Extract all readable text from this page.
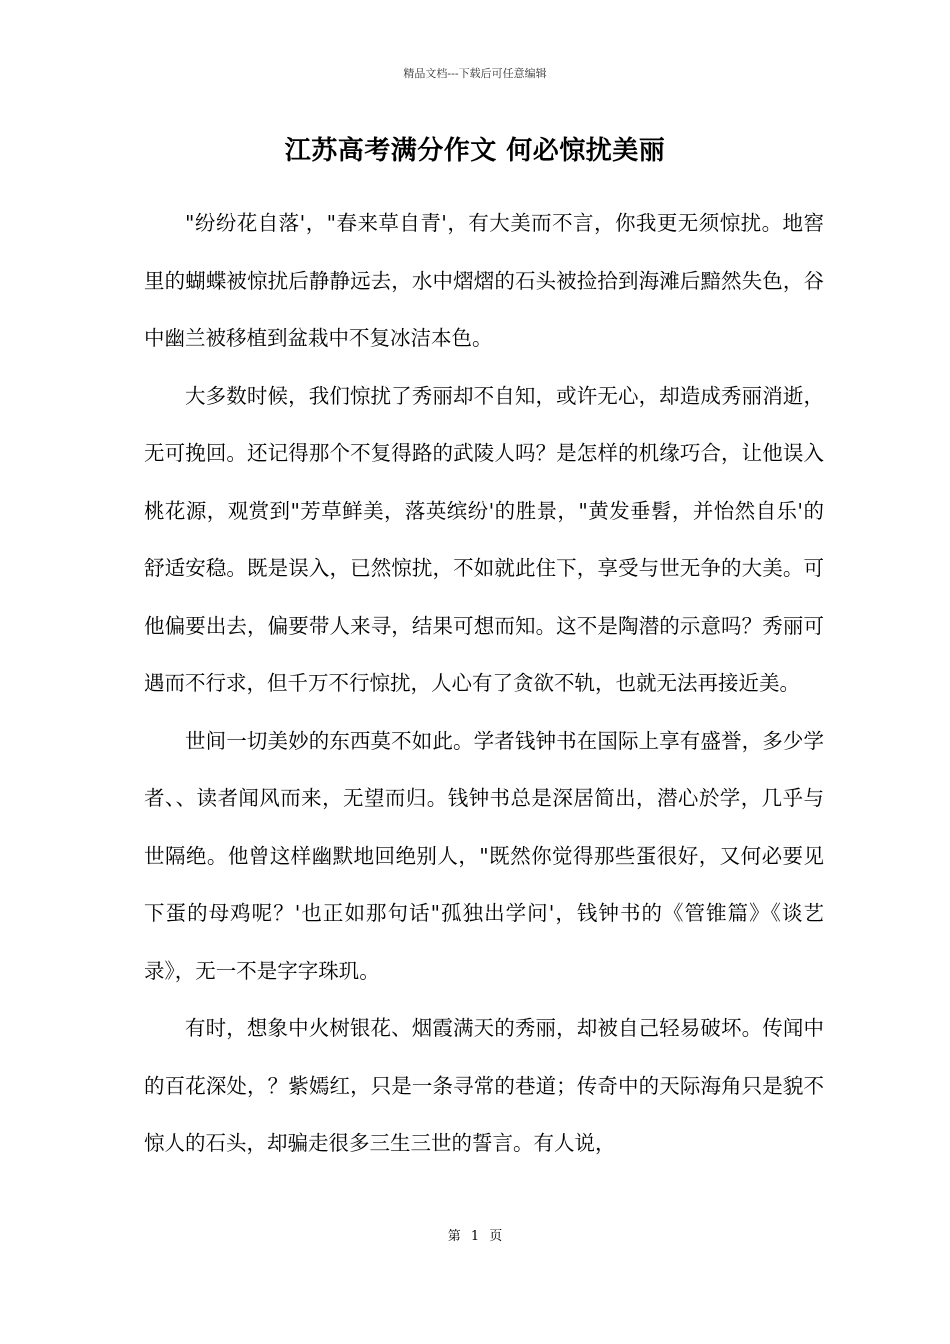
精品文档---下载后可任意编辑
江苏高考满分作文 何必惊扰美丽

"纷纷花自落'，"春来草自青'，有大美而不言，你我更无须惊扰。地窖里的蝴蝶被惊扰后静静远去，水中熠熠的石头被捡拾到海滩后黯然失色，谷中幽兰被移植到盆栽中不复冰洁本色。

大多数时候，我们惊扰了秀丽却不自知，或许无心，却造成秀丽消逝，无可挽回。还记得那个不复得路的武陵人吗？是怎样的机缘巧合，让他误入桃花源，观赏到"芳草鲜美，落英缤纷'的胜景，"黄发垂髫，并怡然自乐'的舒适安稳。既是误入，已然惊扰，不如就此住下，享受与世无争的大美。可他偏要出去，偏要带人来寻，结果可想而知。这不是陶潜的示意吗？秀丽可遇而不行求，但千万不行惊扰，人心有了贪欲不轨，也就无法再接近美。

世间一切美妙的东西莫不如此。学者钱钟书在国际上享有盛誉，多少学者、、读者闻风而来，无望而归。钱钟书总是深居简出，潜心於学，几乎与世隔绝。他曾这样幽默地回绝别人，"既然你觉得那些蛋很好，又何必要见下蛋的母鸡呢？'也正如那句话"孤独出学问'，钱钟书的《管锥篇》《谈艺录》，无一不是字字珠玑。

有时，想象中火树银花、烟霞满天的秀丽，却被自己轻易破坏。传闻中的百花深处，？紫嫣红，只是一条寻常的巷道；传奇中的天际海角只是貌不惊人的石头，却骗走很多三生三世的誓言。有人说，

第 1 页
